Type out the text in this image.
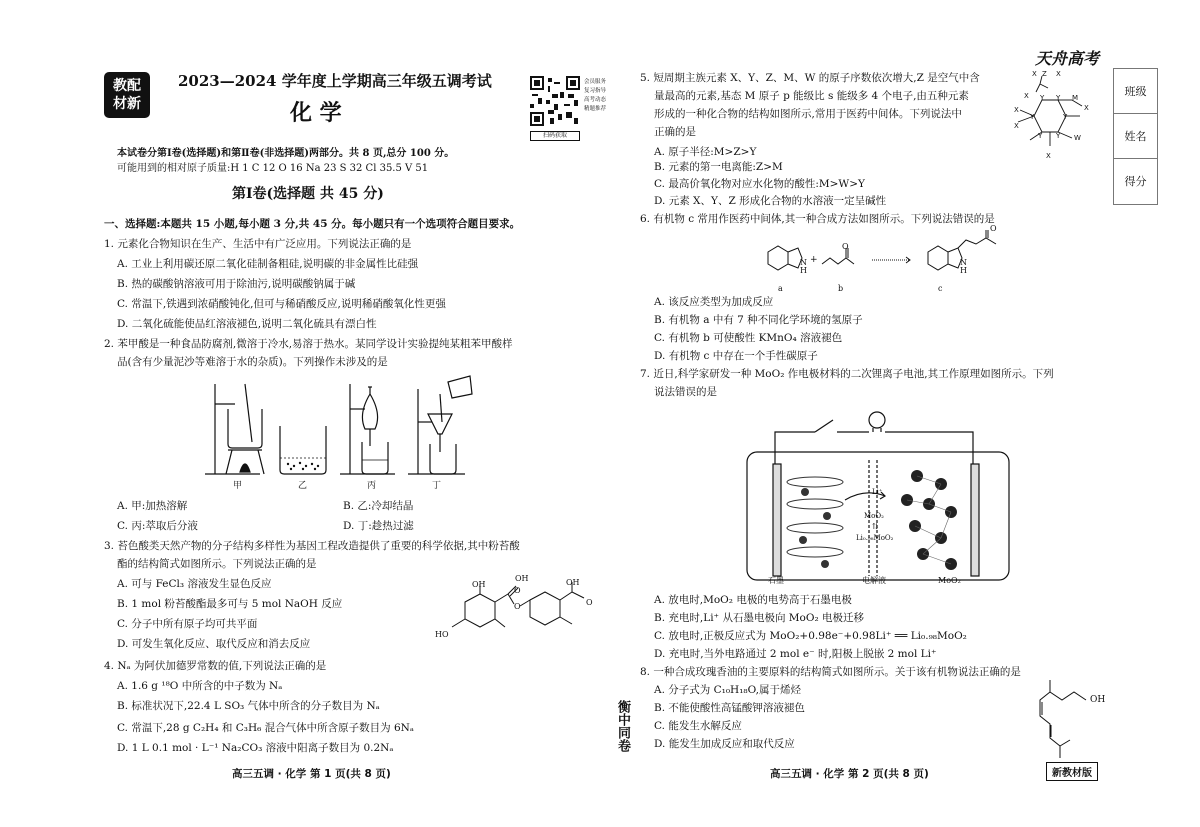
天舟高考
班级
姓名
得分
教配
材新
2023—2024 学年度上学期高三年级五调考试
化 学
扫码获取
会员服务
复习指导
高考动态
精题推荐
本试卷分第Ⅰ卷(选择题)和第Ⅱ卷(非选择题)两部分。共 8 页,总分 100 分。
可能用到的相对原子质量:H 1 C 12 O 16 Na 23 S 32 Cl 35.5 V 51
第Ⅰ卷(选择题 共 45 分)
一、选择题:本题共 15 小题,每小题 3 分,共 45 分。每小题只有一个选项符合题目要求。
1. 元素化合物知识在生产、生活中有广泛应用。下列说法正确的是
A. 工业上利用碳还原二氧化硅制备粗硅,说明碳的非金属性比硅强
B. 热的碳酸钠溶液可用于除油污,说明碳酸钠属于碱
C. 常温下,铁遇到浓硝酸钝化,但可与稀硝酸反应,说明稀硝酸氧化性更强
D. 二氧化硫能使品红溶液褪色,说明二氧化硫具有漂白性
2. 苯甲酸是一种食品防腐剂,微溶于冷水,易溶于热水。某同学设计实验提纯某粗苯甲酸样
品(含有少量泥沙等难溶于水的杂质)。下列操作未涉及的是
甲	乙	丙	丁
A. 甲:加热溶解	B. 乙:冷却结晶
C. 丙:萃取后分液	D. 丁:趁热过滤
3. 苔色酸类天然产物的分子结构多样性为基因工程改造提供了重要的科学依据,其中粉苔酸
酯的结构简式如图所示。下列说法正确的是
A. 可与 FeCl₃ 溶液发生显色反应
B. 1 mol 粉苔酸酯最多可与 5 mol NaOH 反应
C. 分子中所有原子均可共平面
D. 可发生氧化反应、取代反应和消去反应
OH
OH
O
O
HO
OH
O
4. Nₐ 为阿伏加德罗常数的值,下列说法正确的是
A. 1.6 g ¹⁸O 中所含的中子数为 Nₐ
B. 标准状况下,22.4 L SO₃ 气体中所含的分子数目为 Nₐ
C. 常温下,28 g C₂H₄ 和 C₃H₆ 混合气体中所含原子数目为 6Nₐ
D. 1 L 0.1 mol · L⁻¹ Na₂CO₃ 溶液中阳离子数目为 0.2Nₐ	衡中同卷
5. 短周期主族元素 X、Y、Z、M、W 的原子序数依次增大,Z 是空气中含
量最高的元素,基态 M 原子 p 能级比 s 能级多 4 个电子,由五种元素
形成的一种化合物的结构如图所示,常用于医药中间体。下列说法中
正确的是
A. 原子半径:M>Z>Y
B. 元素的第一电离能:Z>M
C. 最高价氧化物对应水化物的酸性:M>W>Y
D. 元素 X、Y、Z 形成化合物的水溶液一定呈碱性
X Z X
X Y Y M
X
X
Y	Y
X
Y Y W
X
6. 有机物 c 常用作医药中间体,其一种合成方法如图所示。下列说法错误的是
N
H
O
N
H
O
+
a	b	c
A. 该反应类型为加成反应
B. 有机物 a 中有 7 种不同化学环境的氢原子
C. 有机物 b 可使酸性 KMnO₄ 溶液褪色
D. 有机物 c 中存在一个手性碳原子
7. 近日,科学家研发一种 MoO₂ 作电极材料的二次锂离子电池,其工作原理如图所示。下列
说法错误的是
Li⁺
MoO₂
⇅
Li₀.₉₈MoO₂
石墨	电解液	MoO₂
A. 放电时,MoO₂ 电极的电势高于石墨电极
B. 充电时,Li⁺ 从石墨电极向 MoO₂ 电极迁移
C. 放电时,正极反应式为 MoO₂+0.98e⁻+0.98Li⁺ ══ Li₀.₉₈MoO₂
D. 充电时,当外电路通过 2 mol e⁻ 时,阳极上脱嵌 2 mol Li⁺
8. 一种合成玫瑰香油的主要原料的结构简式如图所示。关于该有机物说法正确的是
A. 分子式为 C₁₀H₁₈O,属于烯烃
B. 不能使酸性高锰酸钾溶液褪色
C. 能发生水解反应
D. 能发生加成反应和取代反应
OH
高三五调 · 化学 第 1 页(共 8 页)	高三五调 · 化学 第 2 页(共 8 页)	新教材版
